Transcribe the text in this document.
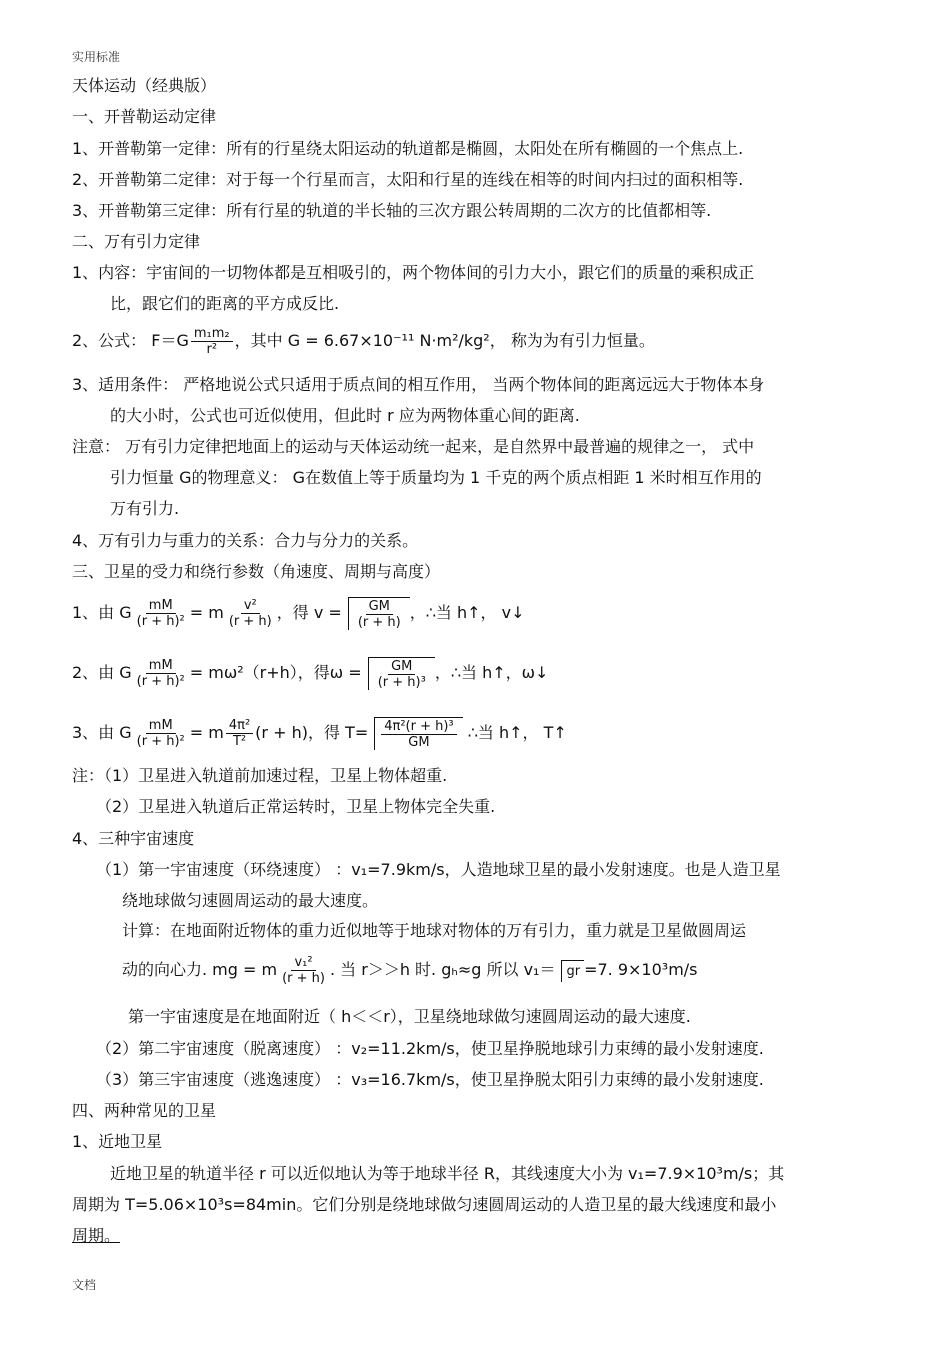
实用标准
天体运动（经典版）
一、开普勒运动定律
1、开普勒第一定律：所有的行星绕太阳运动的轨道都是椭圆，太阳处在所有椭圆的一个焦点上.
2、开普勒第二定律：对于每一个行星而言，太阳和行星的连线在相等的时间内扫过的面积相等.
3、开普勒第三定律：所有行星的轨道的半长轴的三次方跟公转周期的二次方的比值都相等.
二、万有引力定律
1、内容：宇宙间的一切物体都是互相吸引的，两个物体间的引力大小，跟它们的质量的乘积成正
比，跟它们的距离的平方成反比.
2、公式： $F=G \frac{\text{m₁m₂}}{\text{r²}}$ ，其中 G = 6.67×10⁻¹¹ N·m²/kg²， 称为为有引力恒量。
3、适用条件： 严格地说公式只适用于质点间的相互作用， 当两个物体间的距离远远大于物体本身
的大小时，公式也可近似使用，但此时 r 应为两物体重心间的距离.
注意： 万有引力定律把地面上的运动与天体运动统一起来，是自然界中最普遍的规律之一， 式中
引力恒量 G的物理意义： G在数值上等于质量均为 1 千克的两个质点相距 1 米时相互作用的
万有引力.
4、万有引力与重力的关系：合力与分力的关系。
三、卫星的受力和绕行参数（角速度、周期与高度）
1、由 G $\frac{mM}{\text{(r + h)²}} = m \frac{\text{v²}}{(r + h)}$ ，得 $v = \frac{GM}{(r + h)}$ ，∴当 h↑， v↓
2、由 G $\frac{mM}{\text{(r + h)²}} = m\omega^2(r+h)$，得$\omega = \frac{GM}{\text{(r + h)³}}$ ，∴当 h↑，ω↓
3、由 G $\frac{mM}{\text{(r + h)²}} = m \frac{\text{4π²}}{\text{T²}} (r + h)$，得 $T= \frac{\text{4π²(r + h)³}}{GM}$ ∴当 h↑， T↑
注：（1）卫星进入轨道前加速过程，卫星上物体超重.
（2）卫星进入轨道后正常运转时，卫星上物体完全失重.
4、三种宇宙速度
（1）第一宇宙速度（环绕速度） ：v₁=7.9km/s，人造地球卫星的最小发射速度。也是人造卫星
绕地球做匀速圆周运动的最大速度。
计算：在地面附近物体的重力近似地等于地球对物体的万有引力，重力就是卫星做圆周运
动的向心力. mg = m $\frac{\text{v₁²}}{(r + h)}$ . 当 r＞＞h 时. gₕ≈g 所以 v₁＝ gr =7. 9×10³m/s
第一宇宙速度是在地面附近（ h＜＜r），卫星绕地球做匀速圆周运动的最大速度.
（2）第二宇宙速度（脱离速度） ：v₂=11.2km/s，使卫星挣脱地球引力束缚的最小发射速度.
（3）第三宇宙速度（逃逸速度） ：v₃=16.7km/s，使卫星挣脱太阳引力束缚的最小发射速度.
四、两种常见的卫星
1、近地卫星
近地卫星的轨道半径 r 可以近似地认为等于地球半径 R，其线速度大小为 v₁=7.9×10³m/s；其
周期为 T=5.06×10³s=84min。它们分别是绕地球做匀速圆周运动的人造卫星的最大线速度和最小
周期。
文档
